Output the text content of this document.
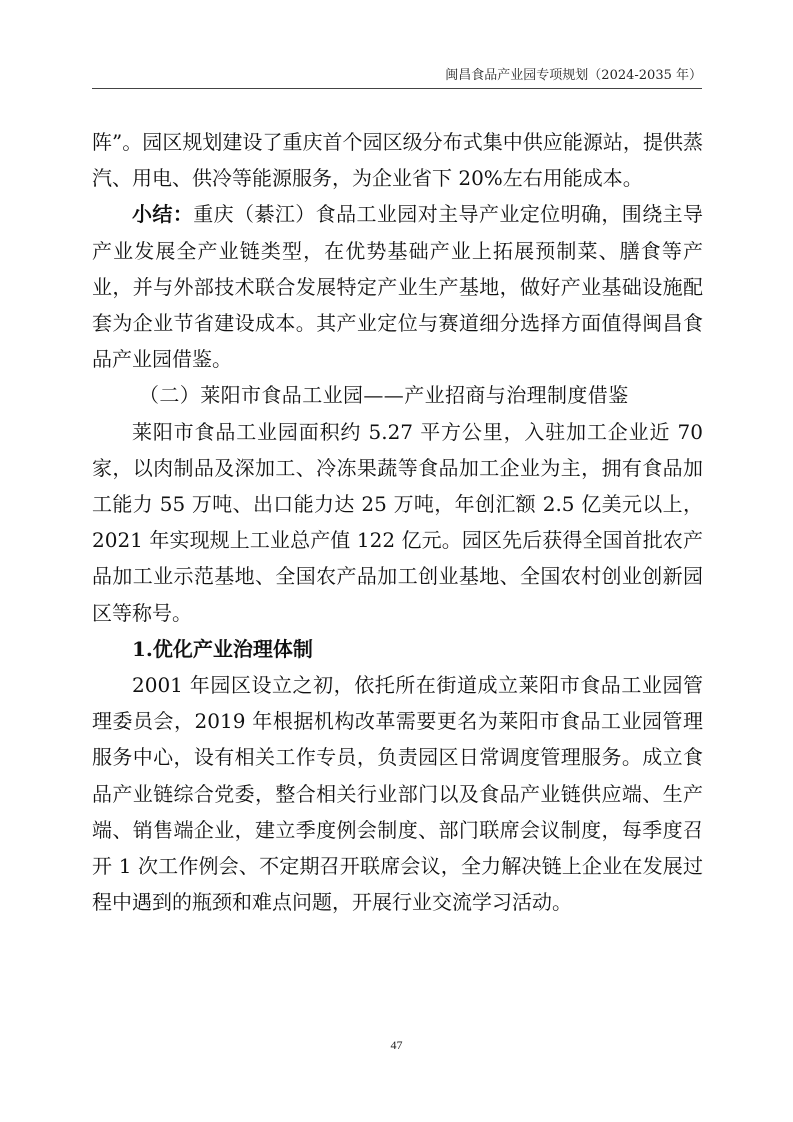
闽昌食品产业园专项规划（2024-2035 年）

阵”。园区规划建设了重庆首个园区级分布式集中供应能源站，提供蒸汽、用电、供冷等能源服务，为企业省下 20%左右用能成本。

小结：重庆（綦江）食品工业园对主导产业定位明确，围绕主导产业发展全产业链类型，在优势基础产业上拓展预制菜、膳食等产业，并与外部技术联合发展特定产业生产基地，做好产业基础设施配套为企业节省建设成本。其产业定位与赛道细分选择方面值得闽昌食品产业园借鉴。

（二）莱阳市食品工业园——产业招商与治理制度借鉴

莱阳市食品工业园面积约 5.27 平方公里，入驻加工企业近 70 家，以肉制品及深加工、冷冻果蔬等食品加工企业为主，拥有食品加工能力 55 万吨、出口能力达 25 万吨，年创汇额 2.5 亿美元以上，2021 年实现规上工业总产值 122 亿元。园区先后获得全国首批农产品加工业示范基地、全国农产品加工创业基地、全国农村创业创新园区等称号。

1.优化产业治理体制

2001 年园区设立之初，依托所在街道成立莱阳市食品工业园管理委员会，2019 年根据机构改革需要更名为莱阳市食品工业园管理服务中心，设有相关工作专员，负责园区日常调度管理服务。成立食品产业链综合党委，整合相关行业部门以及食品产业链供应端、生产端、销售端企业，建立季度例会制度、部门联席会议制度，每季度召开 1 次工作例会、不定期召开联席会议，全力解决链上企业在发展过程中遇到的瓶颈和难点问题，开展行业交流学习活动。

47
